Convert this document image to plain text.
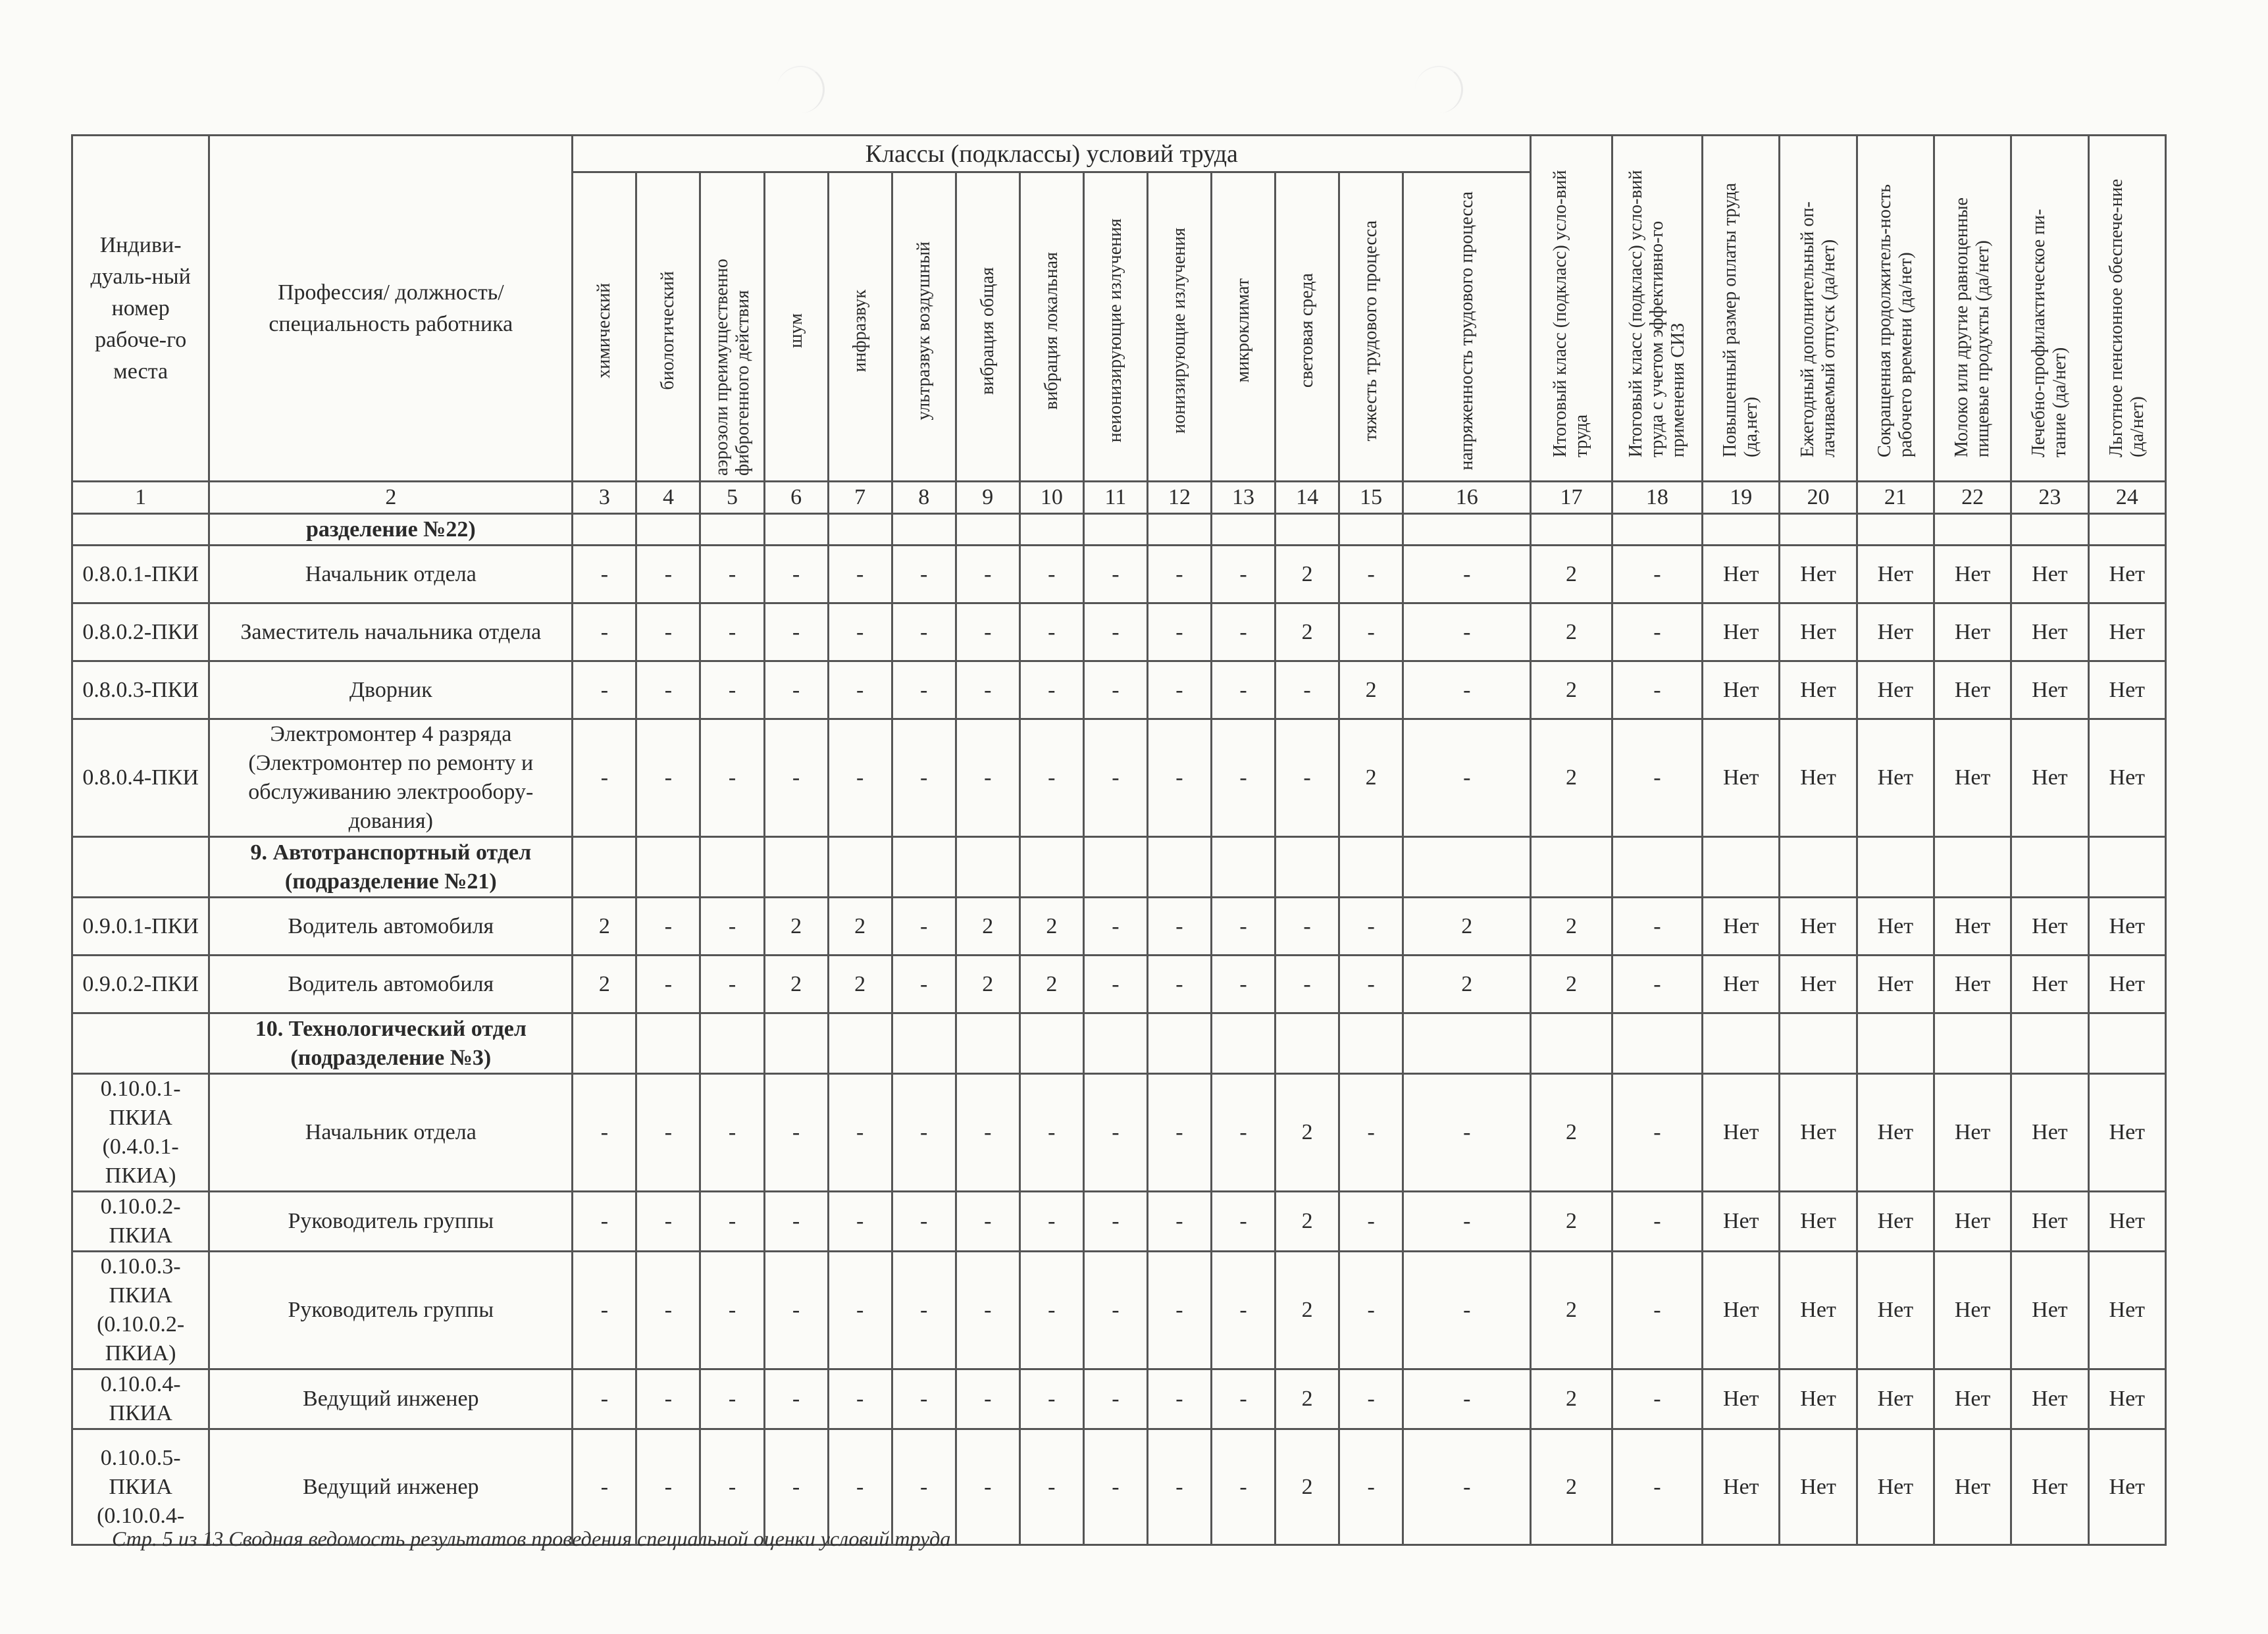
Индиви-дуаль-ный номер рабоче-го места	Профессия/ должность/ специальность работника	Классы (подклассы) условий труда														Итоговый класс (подкласс) усло-вий труда	Итоговый класс (подкласс) усло-вий труда с учетом эффективно-го применения СИЗ	Повышенный размер оплаты труда (да,нет)	Ежегодный дополнительный оп-лачиваемый отпуск (да/нет)	Сокращенная продолжитель-ность рабочего времени (да/нет)	Молоко или другие равноценные пищевые продукты (да/нет)	Лечебно-профилактическое пи-тание (да/нет)	Льготное пенсионное обеспече-ние (да/нет)

		химический	биологический	аэрозоли преимущественно фиброгенного действия	шум	инфразвук	ультразвук воздушный	вибрация общая	вибрация локальная	неионизирующие излучения	ионизирующие излучения	микроклимат	световая среда	тяжесть трудового процесса	напряженность трудового процесса								

1	2	3	4	5	6	7	8	9	10	11	12	13	14	15	16	17	18	19	20	21	22	23	24
	разделение №22)																						
0.8.0.1-ПКИ	Начальник отдела	-	-	-	-	-	-	-	-	-	-	-	2	-	-	2	-	Нет	Нет	Нет	Нет	Нет	Нет
0.8.0.2-ПКИ	Заместитель начальника отдела	-	-	-	-	-	-	-	-	-	-	-	2	-	-	2	-	Нет	Нет	Нет	Нет	Нет	Нет
0.8.0.3-ПКИ	Дворник	-	-	-	-	-	-	-	-	-	-	-	-	2	-	2	-	Нет	Нет	Нет	Нет	Нет	Нет
0.8.0.4-ПКИ	Электромонтер 4 разряда (Электромонтер по ремонту и обслуживанию электрообору-дования)	-	-	-	-	-	-	-	-	-	-	-	-	2	-	2	-	Нет	Нет	Нет	Нет	Нет	Нет
	9. Автотранспортный отдел (подразделение №21)																						
0.9.0.1-ПКИ	Водитель автомобиля	2	-	-	2	2	-	2	2	-	-	-	-	-	2	2	-	Нет	Нет	Нет	Нет	Нет	Нет
0.9.0.2-ПКИ	Водитель автомобиля	2	-	-	2	2	-	2	2	-	-	-	-	-	2	2	-	Нет	Нет	Нет	Нет	Нет	Нет
	10. Технологический отдел (подразделение №3)																						
0.10.0.1-ПКИА (0.4.0.1-ПКИА)	Начальник отдела	-	-	-	-	-	-	-	-	-	-	-	2	-	-	2	-	Нет	Нет	Нет	Нет	Нет	Нет
0.10.0.2-ПКИА	Руководитель группы	-	-	-	-	-	-	-	-	-	-	-	2	-	-	2	-	Нет	Нет	Нет	Нет	Нет	Нет
0.10.0.3-ПКИА (0.10.0.2-ПКИА)	Руководитель группы	-	-	-	-	-	-	-	-	-	-	-	2	-	-	2	-	Нет	Нет	Нет	Нет	Нет	Нет
0.10.0.4-ПКИА	Ведущий инженер	-	-	-	-	-	-	-	-	-	-	-	2	-	-	2	-	Нет	Нет	Нет	Нет	Нет	Нет
0.10.0.5-ПКИА (0.10.0.4-	Ведущий инженер	-	-	-	-	-	-	-	-	-	-	-	2	-	-	2	-	Нет	Нет	Нет	Нет	Нет	Нет
Стр. 5 из 13 Сводная ведомость результатов проведения специальной оценки условий труда
